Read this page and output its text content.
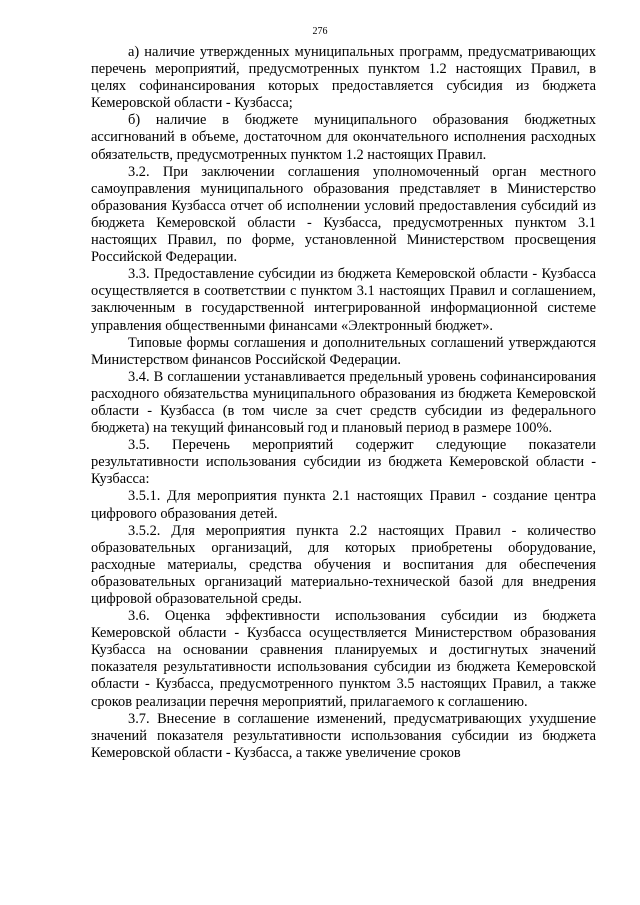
276

а) наличие утвержденных муниципальных программ, предусматривающих перечень мероприятий, предусмотренных пунктом 1.2 настоящих Правил, в целях софинансирования которых предоставляется субсидия из бюджета Кемеровской области - Кузбасса;

б) наличие в бюджете муниципального образования бюджетных ассигнований в объеме, достаточном для окончательного исполнения расходных обязательств, предусмотренных пунктом 1.2 настоящих Правил.

3.2. При заключении соглашения уполномоченный орган местного самоуправления муниципального образования представляет в Министерство образования Кузбасса отчет об исполнении условий предоставления субсидий из бюджета Кемеровской области - Кузбасса, предусмотренных пунктом 3.1 настоящих Правил, по форме, установленной Министерством просвещения Российской Федерации.

3.3. Предоставление субсидии из бюджета Кемеровской области - Кузбасса осуществляется в соответствии с пунктом 3.1 настоящих Правил и соглашением, заключенным в государственной интегрированной информационной системе управления общественными финансами «Электронный бюджет».

Типовые формы соглашения и дополнительных соглашений утверждаются Министерством финансов Российской Федерации.

3.4. В соглашении устанавливается предельный уровень софинансирования расходного обязательства муниципального образования из бюджета Кемеровской области - Кузбасса (в том числе за счет средств субсидии из федерального бюджета) на текущий финансовый год и плановый период в размере 100%.

3.5. Перечень мероприятий содержит следующие показатели результативности использования субсидии из бюджета Кемеровской области - Кузбасса:

3.5.1. Для мероприятия пункта 2.1 настоящих Правил - создание центра цифрового образования детей.

3.5.2. Для мероприятия пункта 2.2 настоящих Правил - количество образовательных организаций, для которых приобретены оборудование, расходные материалы, средства обучения и воспитания для обеспечения образовательных организаций материально-технической базой для внедрения цифровой образовательной среды.

3.6. Оценка эффективности использования субсидии из бюджета Кемеровской области - Кузбасса осуществляется Министерством образования Кузбасса на основании сравнения планируемых и достигнутых значений показателя результативности использования субсидии из бюджета Кемеровской области - Кузбасса, предусмотренного пунктом 3.5 настоящих Правил, а также сроков реализации перечня мероприятий, прилагаемого к соглашению.

3.7. Внесение в соглашение изменений, предусматривающих ухудшение значений показателя результативности использования субсидии из бюджета Кемеровской области - Кузбасса, а также увеличение сроков
